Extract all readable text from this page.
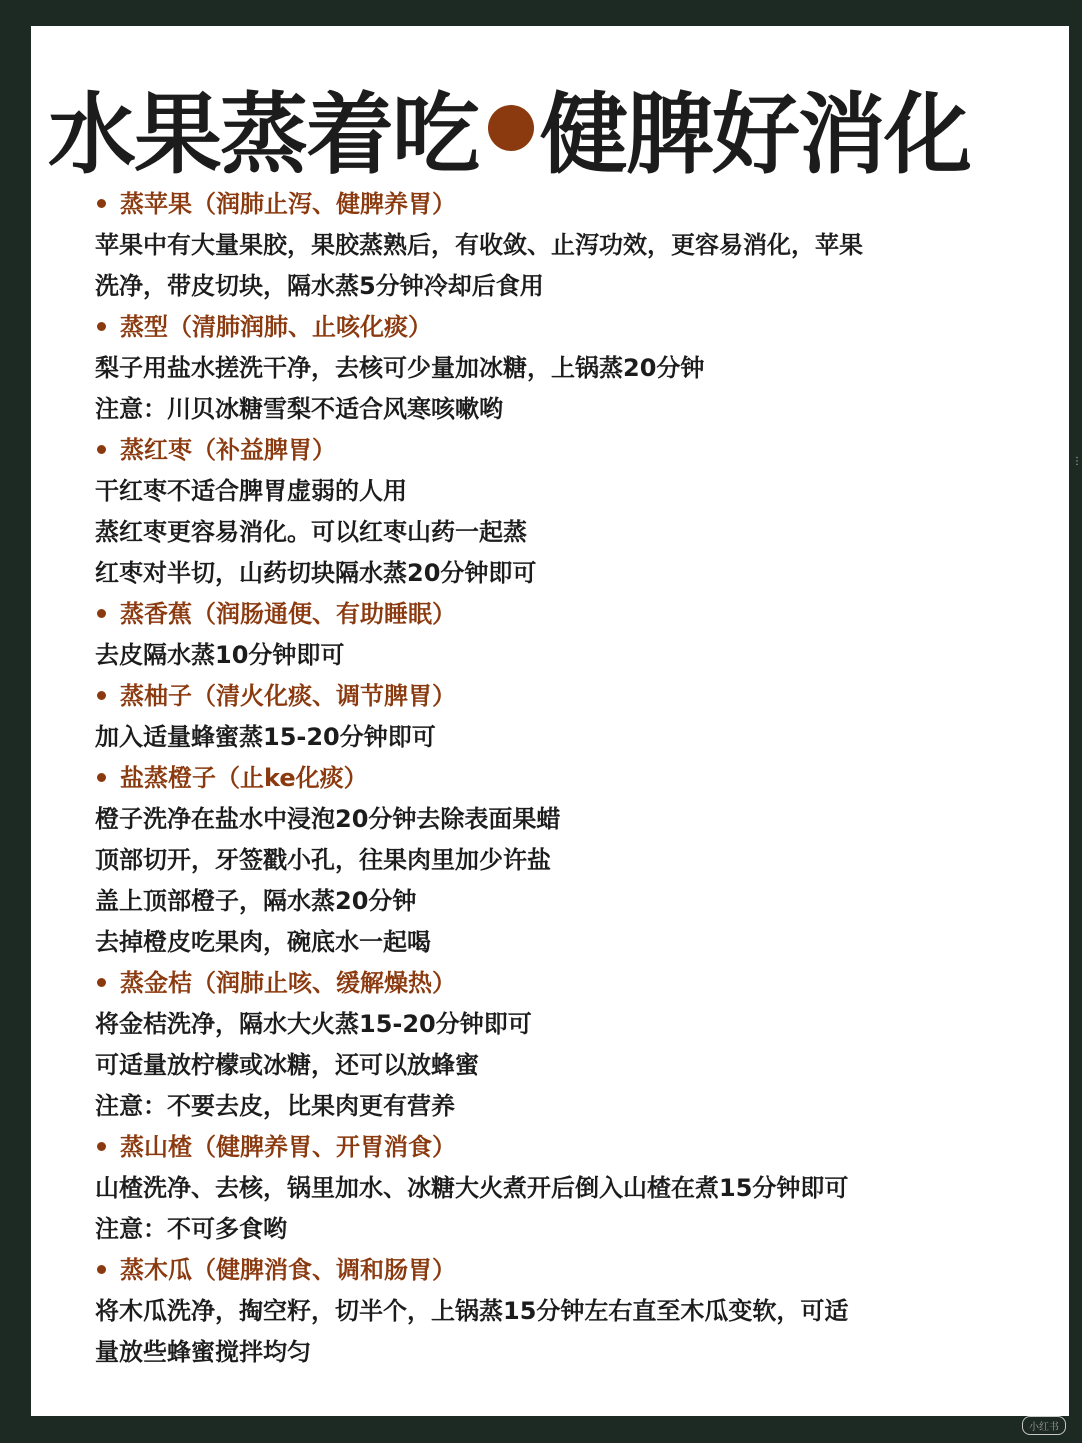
水果蒸着吃 健脾好消化
蒸苹果（润肺止泻、健脾养胃）
苹果中有大量果胶，果胶蒸熟后，有收敛、止泻功效，更容易消化，苹果
洗净，带皮切块，隔水蒸5分钟冷却后食用
蒸型（清肺润肺、止咳化痰）
梨子用盐水搓洗干净，去核可少量加冰糖，上锅蒸20分钟
注意：川贝冰糖雪梨不适合风寒咳嗽哟
蒸红枣（补益脾胃）
干红枣不适合脾胃虚弱的人用
蒸红枣更容易消化。可以红枣山药一起蒸
红枣对半切，山药切块隔水蒸20分钟即可
蒸香蕉（润肠通便、有助睡眠）
去皮隔水蒸10分钟即可
蒸柚子（清火化痰、调节脾胃）
加入适量蜂蜜蒸15-20分钟即可
盐蒸橙子（止ke化痰）
橙子洗净在盐水中浸泡20分钟去除表面果蜡
顶部切开，牙签戳小孔，往果肉里加少许盐
盖上顶部橙子，隔水蒸20分钟
去掉橙皮吃果肉，碗底水一起喝
蒸金桔（润肺止咳、缓解燥热）
将金桔洗净，隔水大火蒸15-20分钟即可
可适量放柠檬或冰糖，还可以放蜂蜜
注意：不要去皮，比果肉更有营养
蒸山楂（健脾养胃、开胃消食）
山楂洗净、去核，锅里加水、冰糖大火煮开后倒入山楂在煮15分钟即可
注意：不可多食哟
蒸木瓜（健脾消食、调和肠胃）
将木瓜洗净，掏空籽，切半个，上锅蒸15分钟左右直至木瓜变软，可适
量放些蜂蜜搅拌均匀
⋮
小红书
